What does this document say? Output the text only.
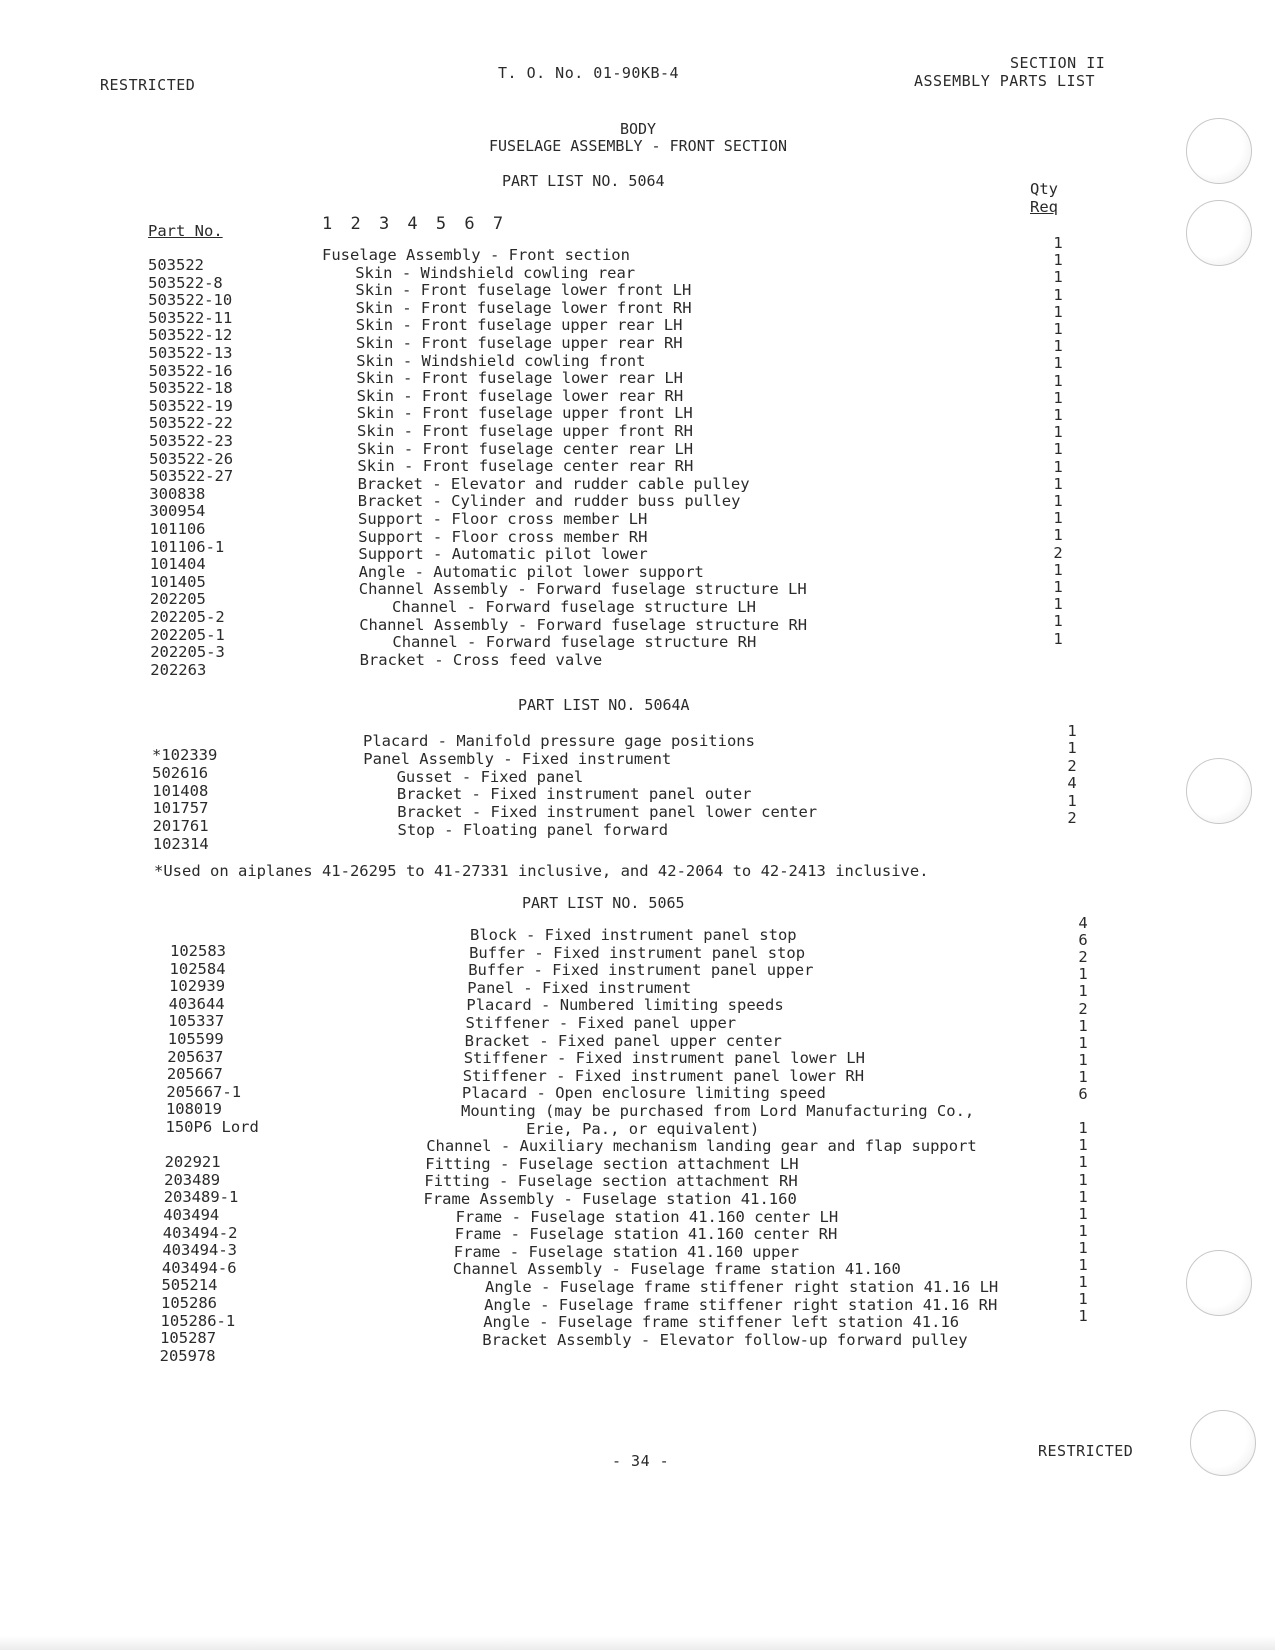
RESTRICTED
T. O. No. 01-90KB-4
SECTION II
ASSEMBLY PARTS LIST
BODY
FUSELAGE ASSEMBLY - FRONT SECTION
PART LIST NO. 5064	Qty
Req
Part No.	1 2 3 4 5 6 7
503522
Fuselage Assembly - Front section
1
503522-8
Skin - Windshield cowling rear
1
503522-10
Skin - Front fuselage lower front LH
1
503522-11
Skin - Front fuselage lower front RH
1
503522-12
Skin - Front fuselage upper rear LH
1
503522-13
Skin - Front fuselage upper rear RH
1
503522-16
Skin - Windshield cowling front
1
503522-18
Skin - Front fuselage lower rear LH
1
503522-19
Skin - Front fuselage lower rear RH
1
503522-22
Skin - Front fuselage upper front LH
1
503522-23
Skin - Front fuselage upper front RH
1
503522-26
Skin - Front fuselage center rear LH
1
503522-27
Skin - Front fuselage center rear RH
1
300838
Bracket - Elevator and rudder cable pulley
1
300954
Bracket - Cylinder and rudder buss pulley
1
101106
Support - Floor cross member LH
1
101106-1
Support - Floor cross member RH
1
101404
Support - Automatic pilot lower
1
101405
Angle - Automatic pilot lower support
2
202205
Channel Assembly - Forward fuselage structure LH
1
202205-2
Channel - Forward fuselage structure LH
1
202205-1
Channel Assembly - Forward fuselage structure RH
1
202205-3
Channel - Forward fuselage structure RH
1
202263
Bracket - Cross feed valve
1
PART LIST NO. 5064A
*102339
Placard - Manifold pressure gage positions
1
502616
Panel Assembly - Fixed instrument
1
101408
Gusset - Fixed panel
2
101757
Bracket - Fixed instrument panel outer
4
201761
Bracket - Fixed instrument panel lower center
1
102314
Stop - Floating panel forward
2
*Used on aiplanes 41-26295 to 41-27331 inclusive, and 42-2064 to 42-2413 inclusive.
PART LIST NO. 5065
102583
Block - Fixed instrument panel stop
4
102584
Buffer - Fixed instrument panel stop
6
102939
Buffer - Fixed instrument panel upper
2
403644
Panel - Fixed instrument
1
105337
Placard - Numbered limiting speeds
1
105599
Stiffener - Fixed panel upper
2
205637
Bracket - Fixed panel upper center
1
205667
Stiffener - Fixed instrument panel lower LH
1
205667-1
Stiffener - Fixed instrument panel lower RH
1
108019
Placard - Open enclosure limiting speed
1
150P6 Lord
Mounting (may be purchased from Lord Manufacturing Co.,
6
Erie, Pa., or equivalent)
202921
Channel - Auxiliary mechanism landing gear and flap support
1
203489
Fitting - Fuselage section attachment LH
1
203489-1
Fitting - Fuselage section attachment RH
1
403494
Frame Assembly - Fuselage station 41.160
1
403494-2
Frame - Fuselage station 41.160 center LH
1
403494-3
Frame - Fuselage station 41.160 center RH
1
403494-6
Frame - Fuselage station 41.160 upper
1
505214
Channel Assembly - Fuselage frame station 41.160
1
105286
Angle - Fuselage frame stiffener right station 41.16 LH
1
105286-1
Angle - Fuselage frame stiffener right station 41.16 RH
1
105287
Angle - Fuselage frame stiffener left station 41.16
1
205978
Bracket Assembly - Elevator follow-up forward pulley
1
- 34 -
RESTRICTED
